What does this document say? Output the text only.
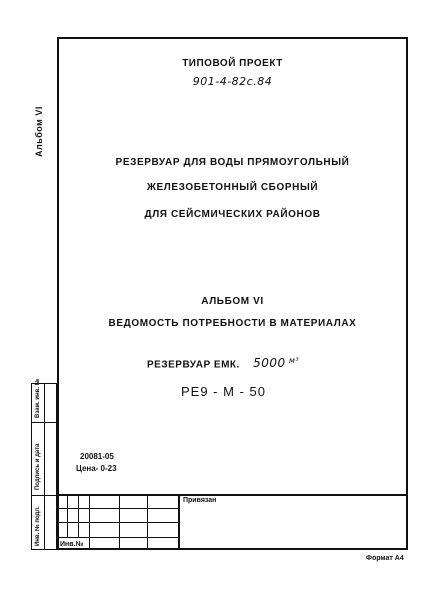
Альбом VI
ТИПОВОЙ ПРОЕКТ
901-4-82с.84
РЕЗЕРВУАР ДЛЯ ВОДЫ ПРЯМОУГОЛЬНЫЙ
ЖЕЛЕЗОБЕТОННЫЙ СБОРНЫЙ
ДЛЯ СЕЙСМИЧЕСКИХ РАЙОНОВ
АЛЬБОМ VI
ВЕДОМОСТЬ ПОТРЕБНОСТИ В МАТЕРИАЛАХ
РЕЗЕРВУАР ЕМК. 5000 $^{м^3}$
РЕ9 - М - 50
20081-05
Цена- 0-23
Взам. инв. №
Подпись и дата
Инв. № подл.
Привязан
Инв.№
Формат А4
